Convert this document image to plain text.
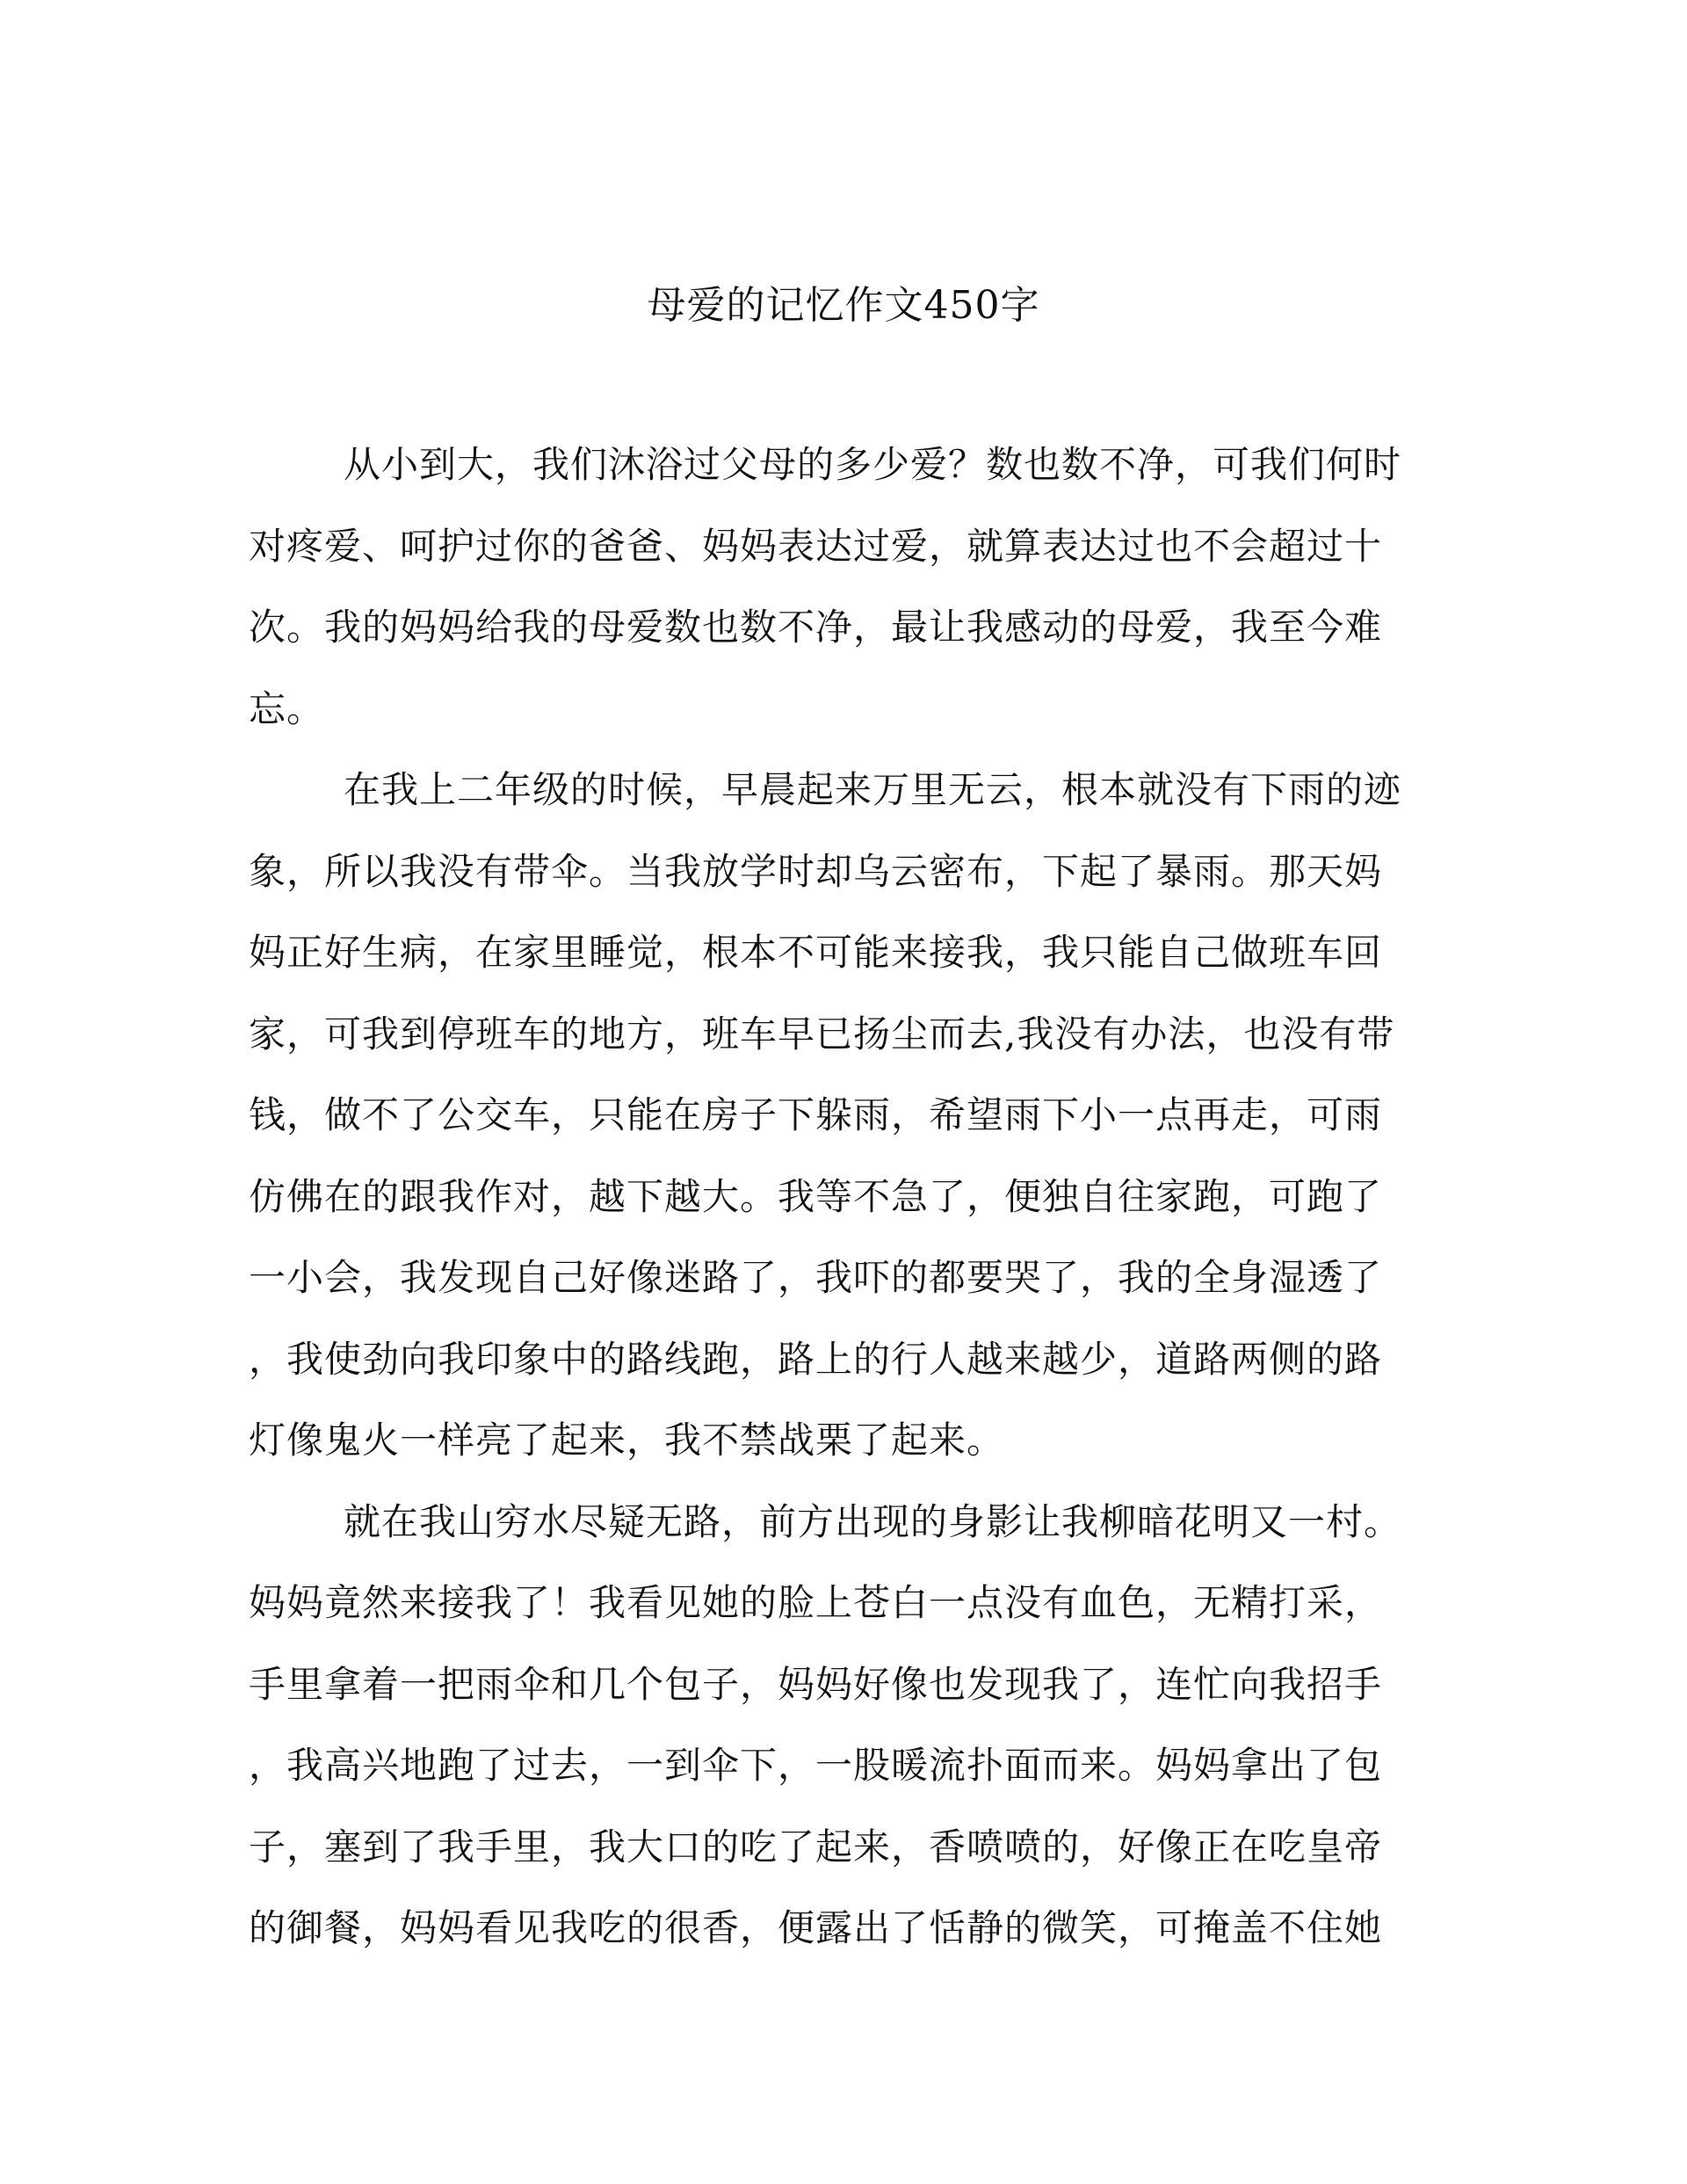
母爱的记忆作文450字
从小到大，我们沐浴过父母的多少爱？数也数不净，可我们何时
对疼爱、呵护过你的爸爸、妈妈表达过爱，就算表达过也不会超过十
次。我的妈妈给我的母爱数也数不净，最让我感动的母爱，我至今难
忘。
在我上二年级的时候，早晨起来万里无云，根本就没有下雨的迹
象，所以我没有带伞。当我放学时却乌云密布，下起了暴雨。那天妈
妈正好生病，在家里睡觉，根本不可能来接我，我只能自己做班车回
家，可我到停班车的地方，班车早已扬尘而去,我没有办法，也没有带
钱，做不了公交车，只能在房子下躲雨，希望雨下小一点再走，可雨
仿佛在的跟我作对，越下越大。我等不急了，便独自往家跑，可跑了
一小会，我发现自己好像迷路了，我吓的都要哭了，我的全身湿透了
，我使劲向我印象中的路线跑，路上的行人越来越少，道路两侧的路
灯像鬼火一样亮了起来，我不禁战栗了起来。
就在我山穷水尽疑无路，前方出现的身影让我柳暗花明又一村。
妈妈竟然来接我了！我看见她的脸上苍白一点没有血色，无精打采，
手里拿着一把雨伞和几个包子，妈妈好像也发现我了，连忙向我招手
，我高兴地跑了过去，一到伞下，一股暖流扑面而来。妈妈拿出了包
子，塞到了我手里，我大口的吃了起来，香喷喷的，好像正在吃皇帝
的御餐，妈妈看见我吃的很香，便露出了恬静的微笑，可掩盖不住她
